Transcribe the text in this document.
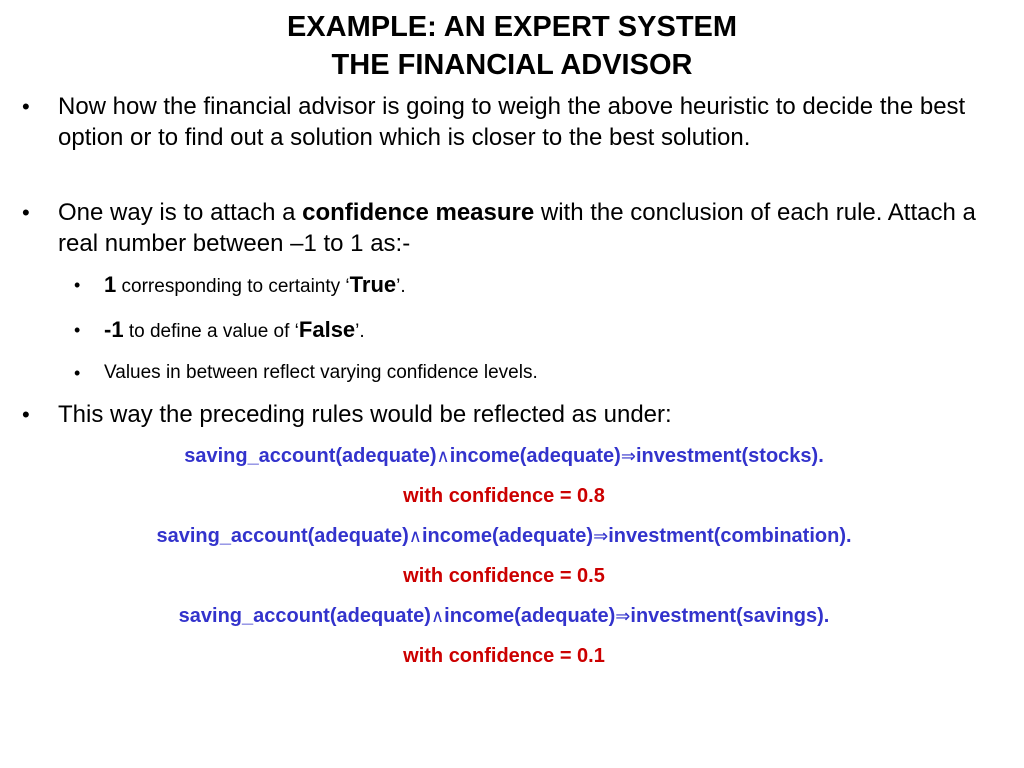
EXAMPLE: AN EXPERT SYSTEM
THE FINANCIAL ADVISOR
• Now how the financial advisor is going to weigh the above heuristic to decide the best option or to find out a solution which is closer to the best solution.
• One way is to attach a confidence measure with the conclusion of each rule. Attach a real number between –1 to 1 as:-
• 1 corresponding to certainty ‘True’.
• -1 to define a value of ‘False’.
• Values in between reflect varying confidence levels.
• This way the preceding rules would be reflected as under:
saving_account(adequate)∧income(adequate)⇒investment(stocks).
with confidence = 0.8
saving_account(adequate)∧income(adequate)⇒investment(combination).
with confidence = 0.5
saving_account(adequate)∧income(adequate)⇒investment(savings).
with confidence = 0.1
